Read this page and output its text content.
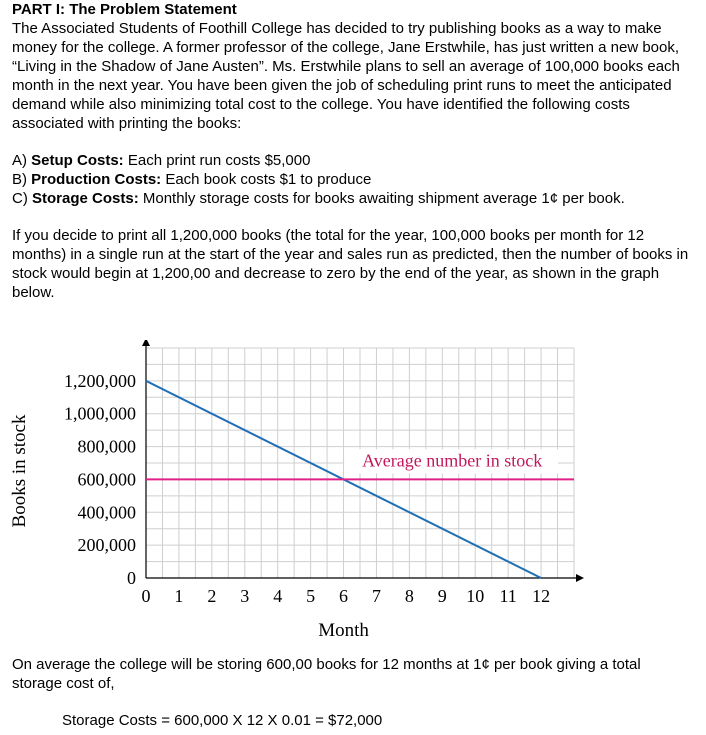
PART I: The Problem Statement

The Associated Students of Foothill College has decided to try publishing books as a way to make money for the college. A former professor of the college, Jane Erstwhile, has just written a new book, “Living in the Shadow of Jane Austen”. Ms. Erstwhile plans to sell an average of 100,000 books each month in the next year. You have been given the job of scheduling print runs to meet the anticipated demand while also minimizing total cost to the college. You have identified the following costs associated with printing the books:

A) Setup Costs: Each print run costs $5,000
B) Production Costs: Each book costs $1 to produce
C) Storage Costs: Monthly storage costs for books awaiting shipment average 1¢ per book.

If you decide to print all 1,200,000 books (the total for the year, 100,000 books per month for 12 months) in a single run at the start of the year and sales run as predicted, then the number of books in stock would begin at 1,200,00 and decrease to zero by the end of the year, as shown in the graph below.

0
200,000
400,000
600,000
800,000
1,000,000
1,200,000
0 1 2 3 4 5 6 7 8 9 10 11 12
Month
Books in stock	Average number in stock

On average the college will be storing 600,00 books for 12 months at 1¢ per book giving a total storage cost of,

Storage Costs = 600,000 X 12 X 0.01 = $72,000
